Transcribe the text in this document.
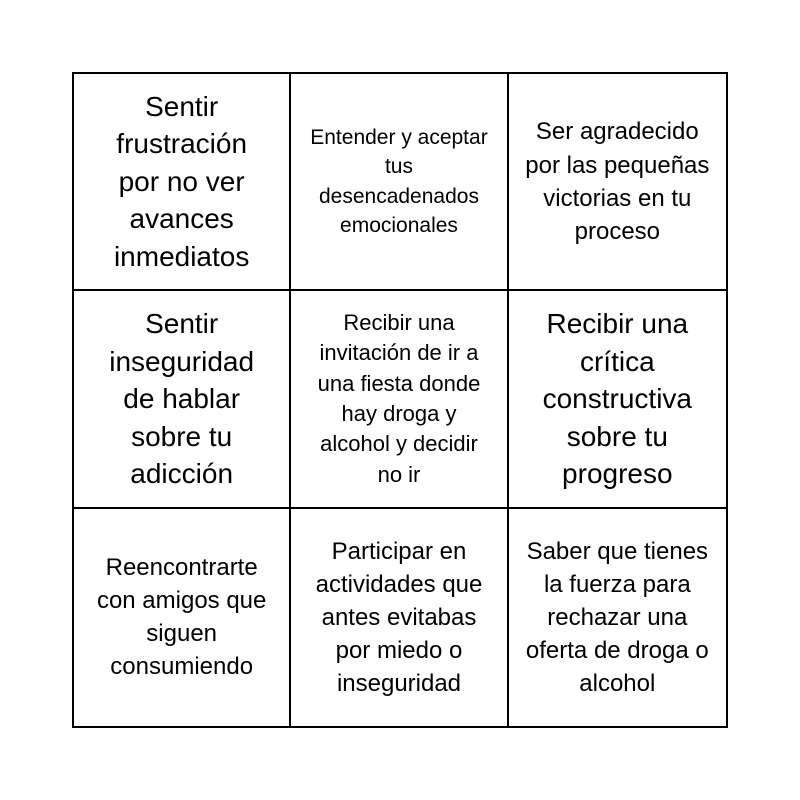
Sentir frustración por no ver avances inmediatos
Entender y aceptar tus desencadenados emocionales
Ser agradecido por las pequeñas victorias en tu proceso
Sentir inseguridad de hablar sobre tu adicción
Recibir una invitación de ir a una fiesta donde hay droga y alcohol y decidir no ir
Recibir una crítica constructiva sobre tu progreso
Reencontrarte con amigos que siguen consumiendo
Participar en actividades que antes evitabas por miedo o inseguridad
Saber que tienes la fuerza para rechazar una oferta de droga o alcohol
